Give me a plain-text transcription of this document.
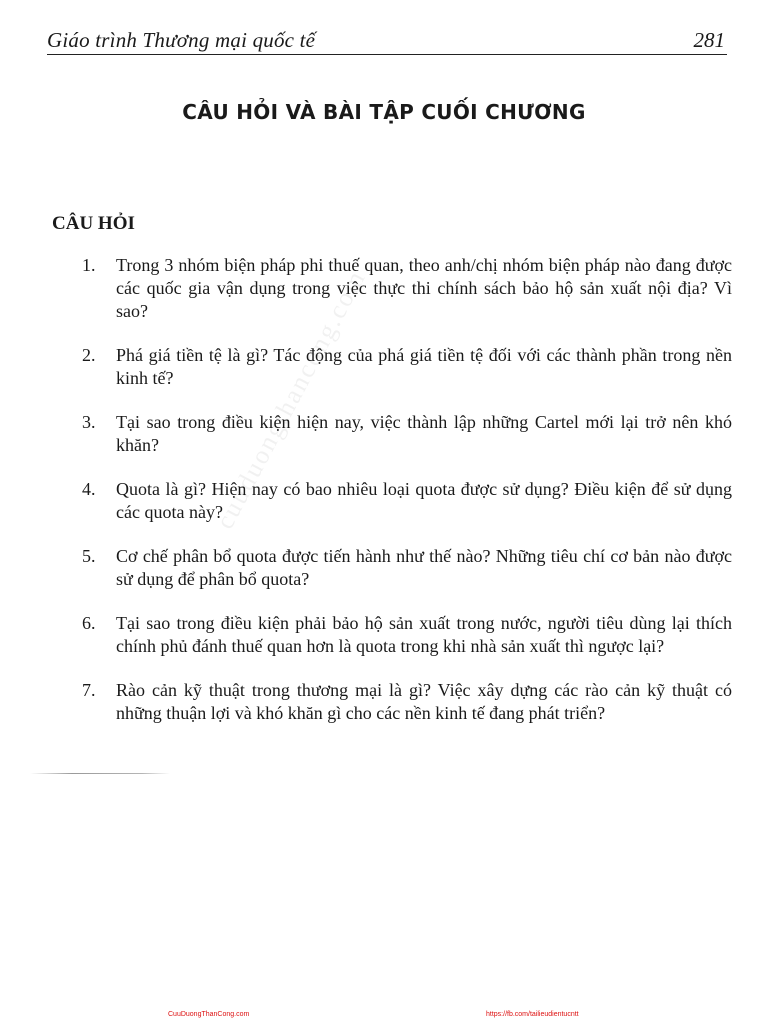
Giáo trình Thương mại quốc tế	281
cuuduongthancong.com
CÂU HỎI VÀ BÀI TẬP CUỐI CHƯƠNG
CÂU HỎI
1. Trong 3 nhóm biện pháp phi thuế quan, theo anh/chị nhóm biện pháp nào đang được các quốc gia vận dụng trong việc thực thi chính sách bảo hộ sản xuất nội địa? Vì sao?
2. Phá giá tiền tệ là gì? Tác động của phá giá tiền tệ đối với các thành phần trong nền kinh tế?
3. Tại sao trong điều kiện hiện nay, việc thành lập những Cartel mới lại trở nên khó khăn?
4. Quota là gì? Hiện nay có bao nhiêu loại quota được sử dụng? Điều kiện để sử dụng các quota này?
5. Cơ chế phân bổ quota được tiến hành như thế nào? Những tiêu chí cơ bản nào được sử dụng để phân bổ quota?
6. Tại sao trong điều kiện phải bảo hộ sản xuất trong nước, người tiêu dùng lại thích chính phủ đánh thuế quan hơn là quota trong khi nhà sản xuất thì ngược lại?
7. Rào cản kỹ thuật trong thương mại là gì? Việc xây dựng các rào cản kỹ thuật có những thuận lợi và khó khăn gì cho các nền kinh tế đang phát triển?
CuuDuongThanCong.com	https://fb.com/tailieudientucntt
